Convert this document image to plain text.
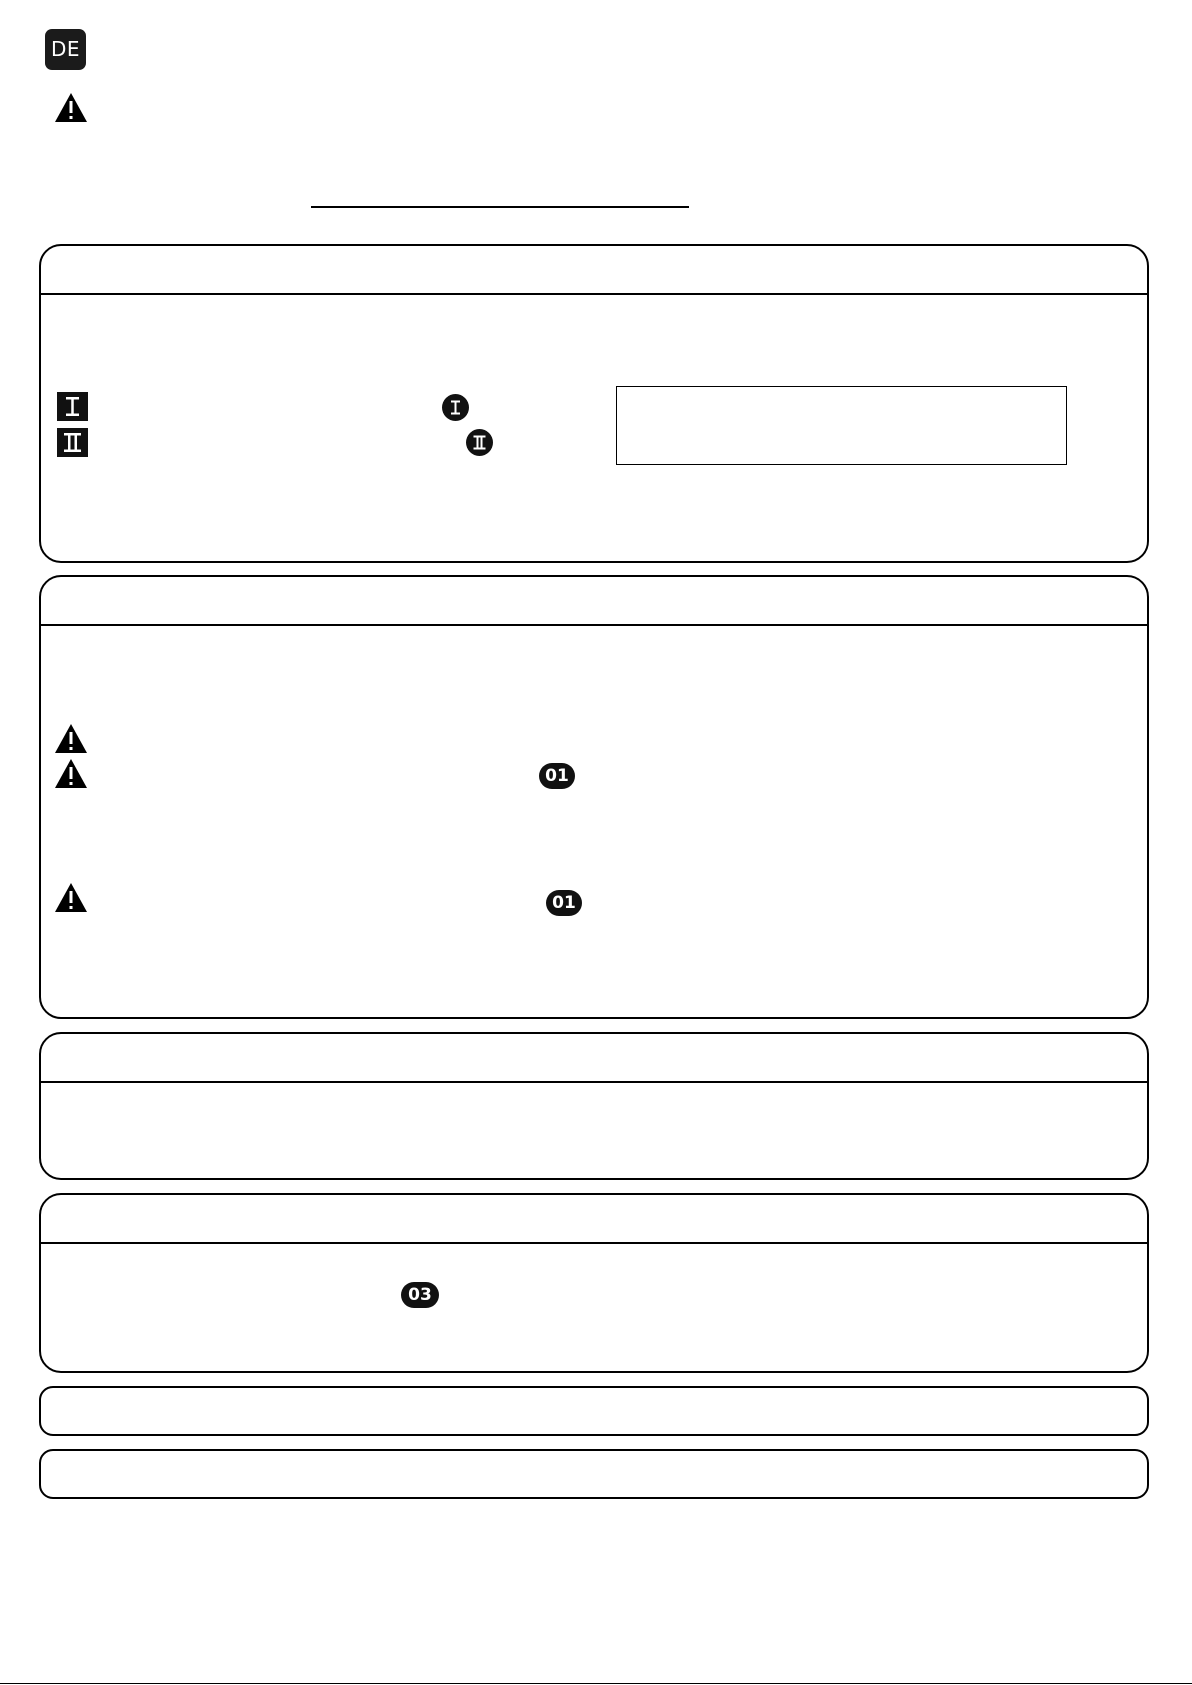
DE
01
01
03
